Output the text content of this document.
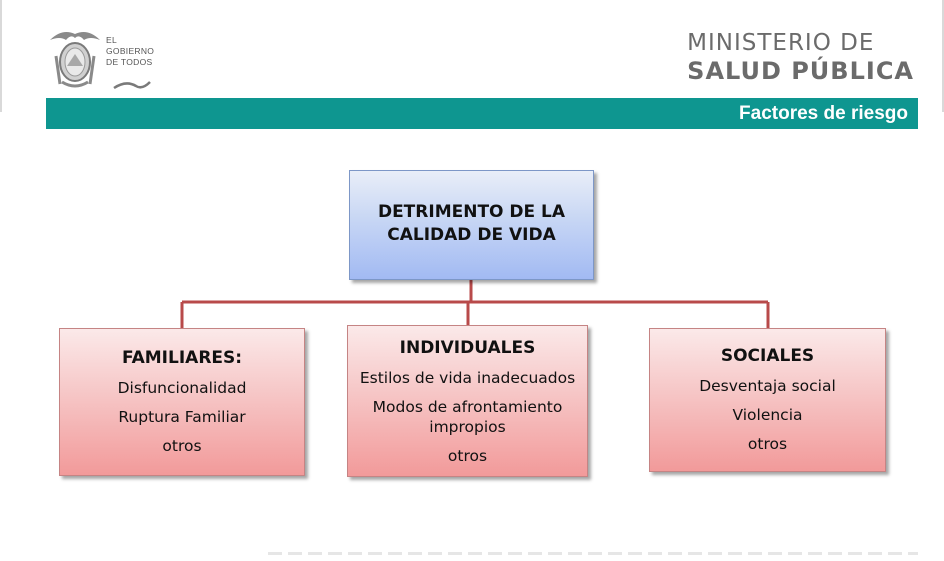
EL
GOBIERNO
DE TODOS
MINISTERIO DE
SALUD PÚBLICA
Factores de riesgo
DETRIMENTO DE LA CALIDAD DE VIDA
FAMILIARES:
Disfuncionalidad
Ruptura Familiar
otros
INDIVIDUALES
Estilos de vida inadecuados
Modos de afrontamiento impropios
otros
SOCIALES
Desventaja social
Violencia
otros
